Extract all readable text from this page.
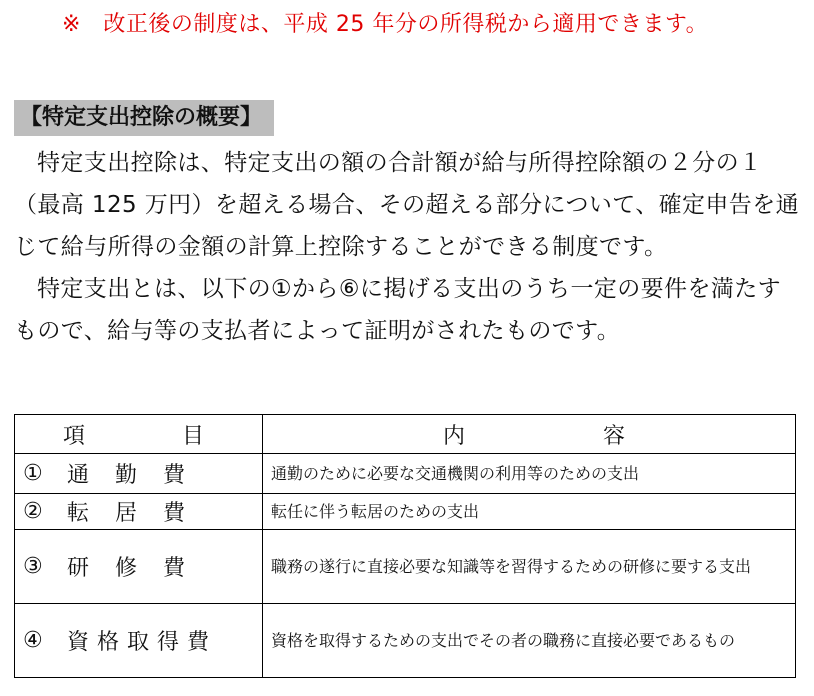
※　改正後の制度は、平成 25 年分の所得税から適用できます。
【特定支出控除の概要】

特定支出控除は、特定支出の額の合計額が給与所得控除額の２分の１（最高 125 万円）を超える場合、その超える部分について、確定申告を通じて給与所得の金額の計算上控除することができる制度です。

特定支出とは、以下の①から⑥に掲げる支出のうち一定の要件を満たすもので、給与等の支払者によって証明がされたものです。

項 目	内 容

① 通勤費	通勤のために必要な交通機関の利用等のための支出

② 転居費	転任に伴う転居のための支出

③ 研修費	職務の遂行に直接必要な知識等を習得するための研修に要する支出

④ 資格取得費	資格を取得するための支出でその者の職務に直接必要であるもの
